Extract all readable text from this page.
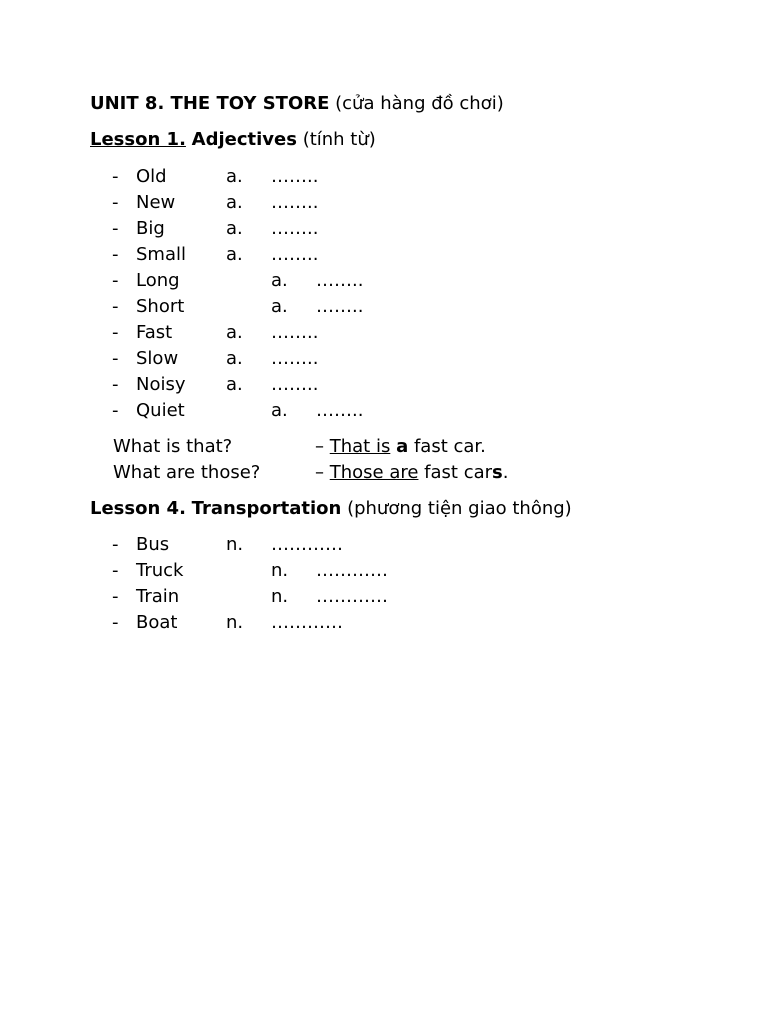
UNIT 8. THE TOY STORE (cửa hàng đồ chơi)
Lesson 1. Adjectives (tính từ)
- Old	a. ……..
- New	a. ……..
- Big	a. ……..
- Small a. ……..
- Long	a. ……..
- Short	a. ……..
- Fast	a. ……..
- Slow	a. ……..
- Noisy a. ……..
- Quiet	a. ……..
What is that?	– That is a fast car.
What are those?	– Those are fast cars.
Lesson 4. Transportation (phương tiện giao thông)
- Bus	n. …………
- Truck	n. …………
- Train	n. …………
- Boat	n. …………
